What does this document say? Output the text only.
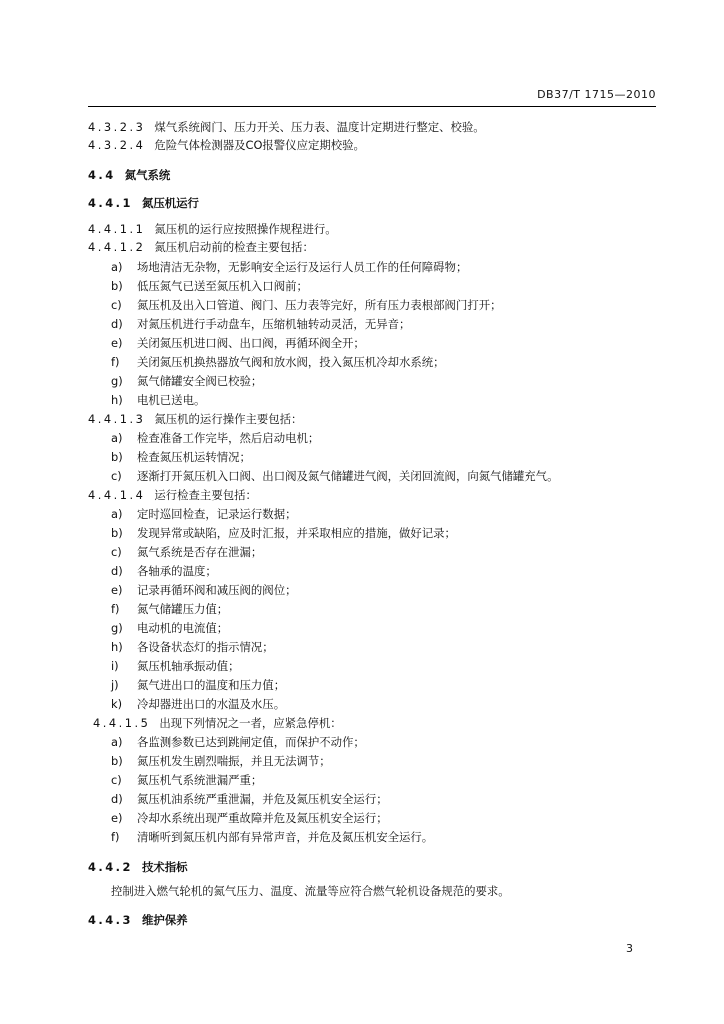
DB37/T 1715—2010
4.3.2.3 煤气系统阀门、压力开关、压力表、温度计定期进行整定、校验。
4.3.2.4 危险气体检测器及CO报警仪应定期校验。
4.4 氮气系统
4.4.1 氮压机运行
4.4.1.1 氮压机的运行应按照操作规程进行。
4.4.1.2 氮压机启动前的检查主要包括：
a) 场地清洁无杂物，无影响安全运行及运行人员工作的任何障碍物；
b) 低压氮气已送至氮压机入口阀前；
c) 氮压机及出入口管道、阀门、压力表等完好，所有压力表根部阀门打开；
d) 对氮压机进行手动盘车，压缩机轴转动灵活，无异音；
e) 关闭氮压机进口阀、出口阀，再循环阀全开；
f) 关闭氮压机换热器放气阀和放水阀，投入氮压机冷却水系统；
g) 氮气储罐安全阀已校验；
h) 电机已送电。
4.4.1.3 氮压机的运行操作主要包括：
a) 检查准备工作完毕，然后启动电机；
b) 检查氮压机运转情况；
c) 逐渐打开氮压机入口阀、出口阀及氮气储罐进气阀，关闭回流阀，向氮气储罐充气。
4.4.1.4 运行检查主要包括：
a) 定时巡回检查，记录运行数据；
b) 发现异常或缺陷，应及时汇报，并采取相应的措施，做好记录；
c) 氮气系统是否存在泄漏；
d) 各轴承的温度；
e) 记录再循环阀和减压阀的阀位；
f) 氮气储罐压力值；
g) 电动机的电流值；
h) 各设备状态灯的指示情况；
i) 氮压机轴承振动值；
j) 氮气进出口的温度和压力值；
k) 冷却器进出口的水温及水压。
4.4.1.5 出现下列情况之一者，应紧急停机：
a) 各监测参数已达到跳闸定值，而保护不动作；
b) 氮压机发生剧烈喘振，并且无法调节；
c) 氮压机气系统泄漏严重；
d) 氮压机油系统严重泄漏，并危及氮压机安全运行；
e) 冷却水系统出现严重故障并危及氮压机安全运行；
f) 清晰听到氮压机内部有异常声音，并危及氮压机安全运行。
4.4.2 技术指标
控制进入燃气轮机的氮气压力、温度、流量等应符合燃气轮机设备规范的要求。
4.4.3 维护保养
3
